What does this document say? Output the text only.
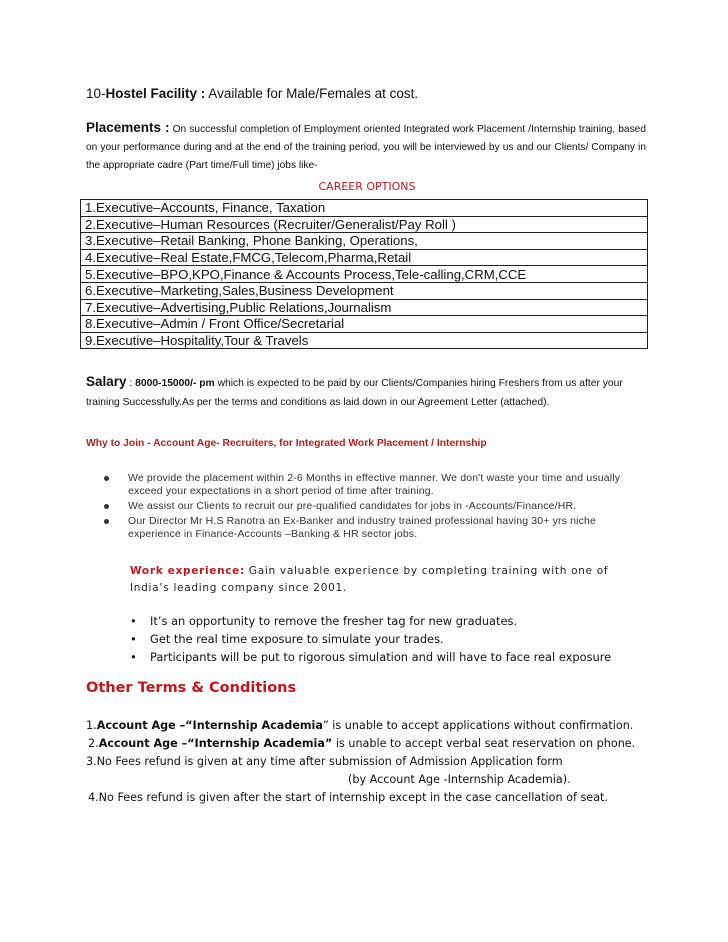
10-Hostel Facility : Available for Male/Females at cost.
Placements : On successful completion of Employment oriented Integrated work Placement /Internship training, based on your performance during and at the end of the training period, you will be interviewed by us and our Clients/ Company in the appropriate cadre (Part time/Full time) jobs like-
CAREER OPTIONS
1.Executive–Accounts, Finance, Taxation
2.Executive–Human Resources (Recruiter/Generalist/Pay Roll )
3.Executive–Retail Banking, Phone Banking, Operations,
4.Executive–Real Estate,FMCG,Telecom,Pharma,Retail
5.Executive–BPO,KPO,Finance & Accounts Process,Tele-calling,CRM,CCE
6.Executive–Marketing,Sales,Business Development
7.Executive–Advertising,Public Relations,Journalism
8.Executive–Admin / Front Office/Secretarial
9.Executive–Hospitality,Tour & Travels
Salary : 8000-15000/- pm which is expected to be paid by our Clients/Companies hiring Freshers from us after your training Successfully.As per the terms and conditions as laid down in our Agreement Letter (attached).
Why to Join - Account Age- Recruiters, for Integrated Work Placement / Internship
We provide the placement within 2-6 Months in effective manner. We don't waste your time and usually exceed your expectations in a short period of time after training.
We assist our Clients to recruit our pre-qualified candidates for jobs in -Accounts/Finance/HR.
Our Director Mr H.S Ranotra an Ex-Banker and industry trained professional having 30+ yrs niche experience in Finance-Accounts –Banking & HR sector jobs.
Work experience: Gain valuable experience by completing training with one of India’s leading company since 2001.
• It’s an opportunity to remove the fresher tag for new graduates.
• Get the real time exposure to simulate your trades.
• Participants will be put to rigorous simulation and will have to face real exposure
Other Terms & Conditions
1.Account Age –“Internship Academia” is unable to accept applications without confirmation.
2.Account Age –“Internship Academia” is unable to accept verbal seat reservation on phone.
3.No Fees refund is given at any time after submission of Admission Application form
(by Account Age -Internship Academia).
4.No Fees refund is given after the start of internship except in the case cancellation of seat.
